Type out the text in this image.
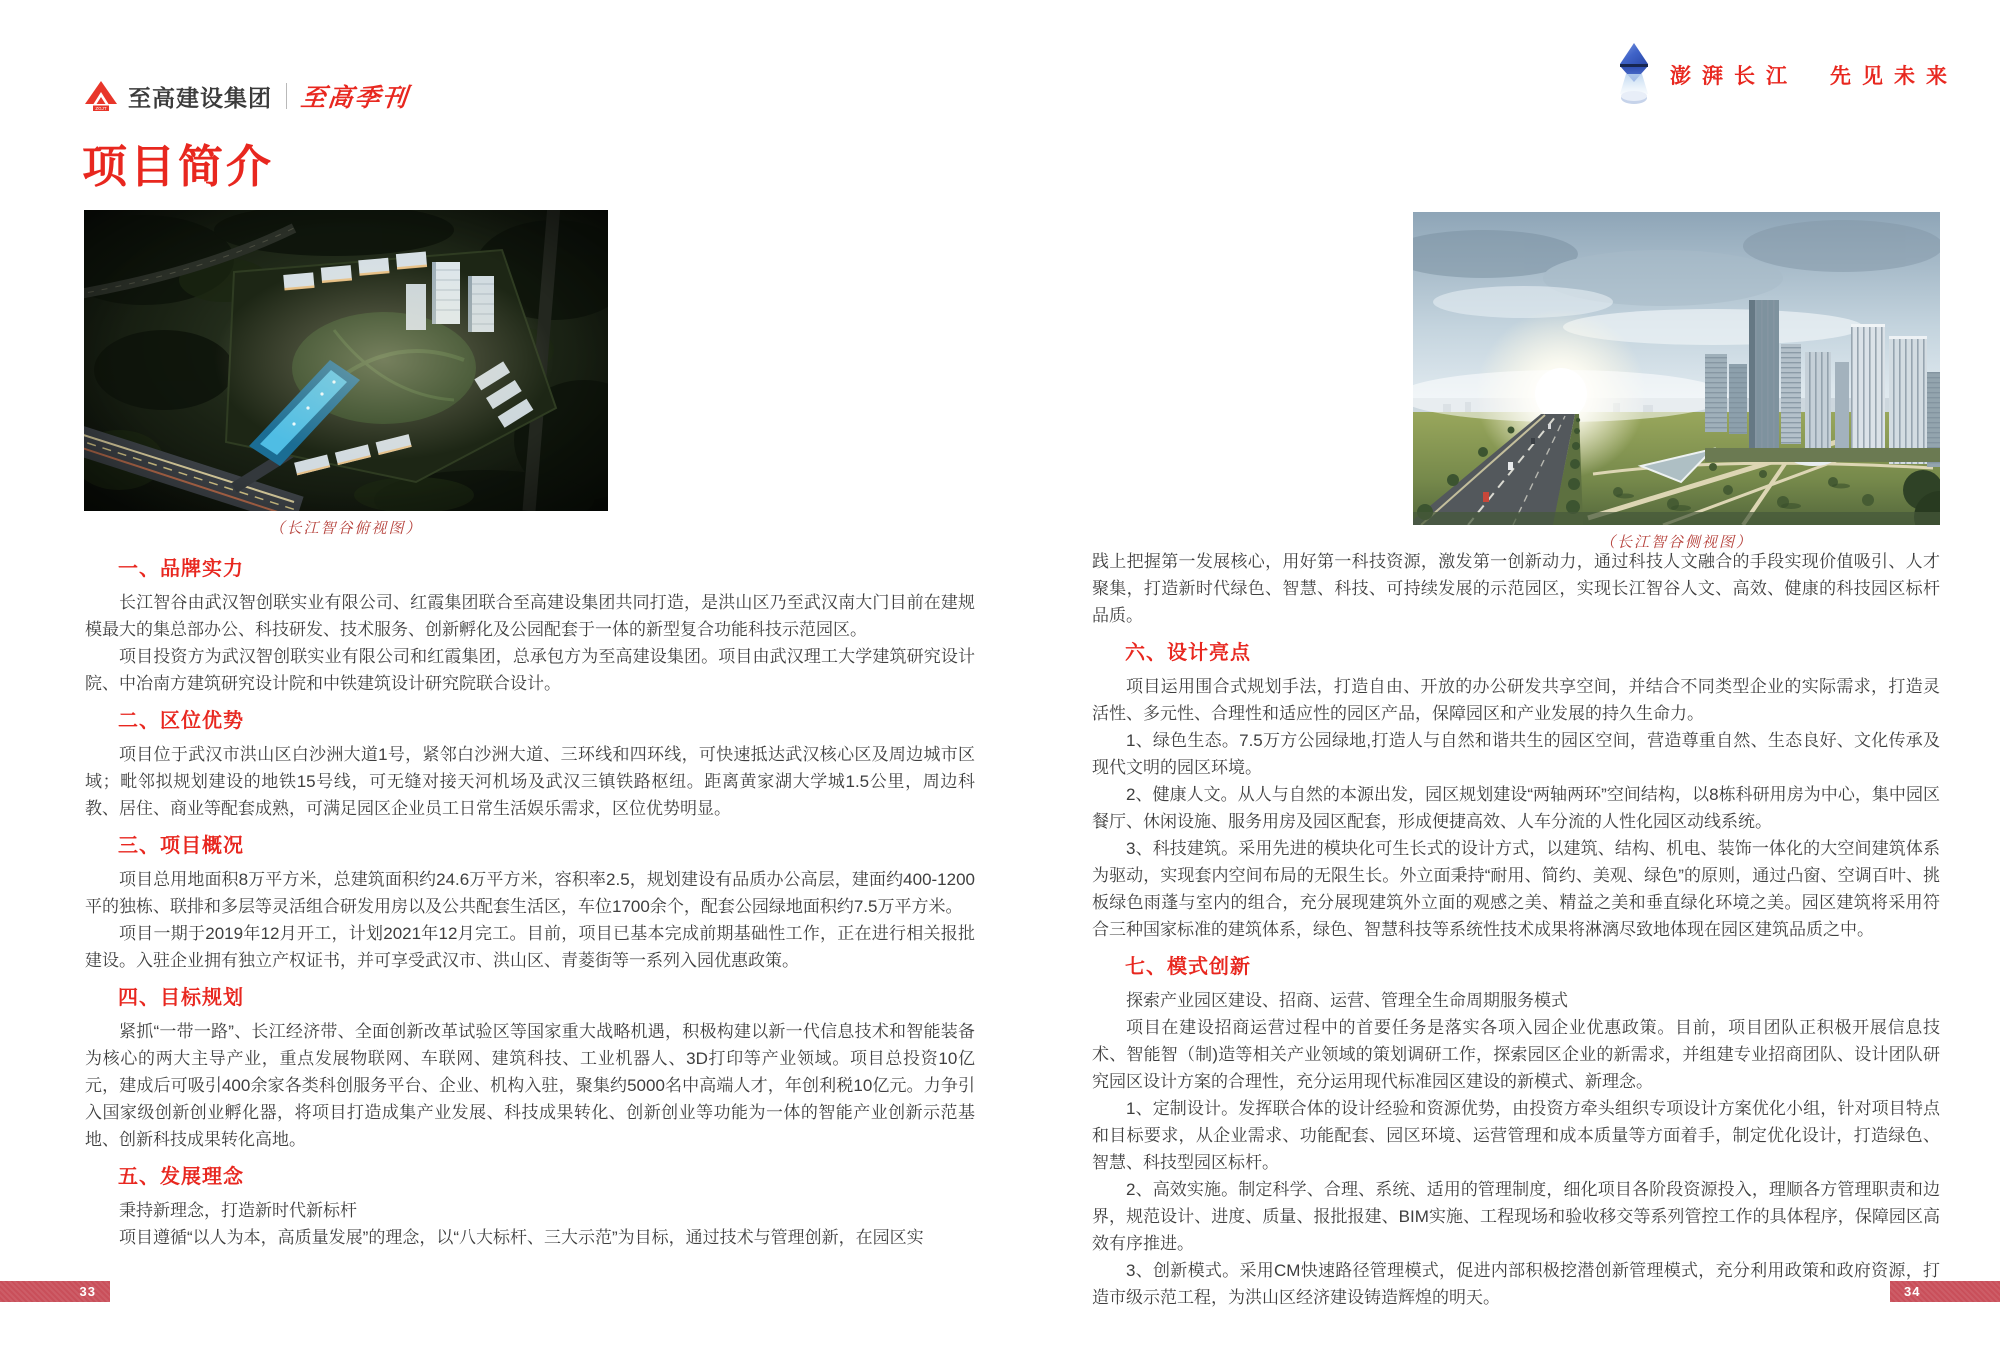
ZGJT 至高建设集团 至高季刊
项目简介
（长江智谷俯视图）
一、品牌实力

长江智谷由武汉智创联实业有限公司、红霞集团联合至高建设集团共同打造，是洪山区乃至武汉南大门目前在建规模最大的集总部办公、科技研发、技术服务、创新孵化及公园配套于一体的新型复合功能科技示范园区。

项目投资方为武汉智创联实业有限公司和红霞集团，总承包方为至高建设集团。项目由武汉理工大学建筑研究设计院、中冶南方建筑研究设计院和中铁建筑设计研究院联合设计。

二、区位优势

项目位于武汉市洪山区白沙洲大道1号，紧邻白沙洲大道、三环线和四环线，可快速抵达武汉核心区及周边城市区域；毗邻拟规划建设的地铁15号线，可无缝对接天河机场及武汉三镇铁路枢纽。距离黄家湖大学城1.5公里，周边科教、居住、商业等配套成熟，可满足园区企业员工日常生活娱乐需求，区位优势明显。

三、项目概况

项目总用地面积8万平方米，总建筑面积约24.6万平方米，容积率2.5，规划建设有品质办公高层，建面约400-1200平的独栋、联排和多层等灵活组合研发用房以及公共配套生活区，车位1700余个，配套公园绿地面积约7.5万平方米。

项目一期于2019年12月开工，计划2021年12月完工。目前，项目已基本完成前期基础性工作，正在进行相关报批建设。入驻企业拥有独立产权证书，并可享受武汉市、洪山区、青菱街等一系列入园优惠政策。

四、目标规划

紧抓“一带一路”、长江经济带、全面创新改革试验区等国家重大战略机遇，积极构建以新一代信息技术和智能装备为核心的两大主导产业，重点发展物联网、车联网、建筑科技、工业机器人、3D打印等产业领域。项目总投资10亿元，建成后可吸引400余家各类科创服务平台、企业、机构入驻，聚集约5000名中高端人才，年创利税10亿元。力争引入国家级创新创业孵化器，将项目打造成集产业发展、科技成果转化、创新创业等功能为一体的智能产业创新示范基地、创新科技成果转化高地。

五、发展理念

秉持新理念，打造新时代新标杆

项目遵循“以人为本，高质量发展”的理念，以“八大标杆、三大示范”为目标，通过技术与管理创新，在园区实

33
澎湃长江　先见未来
（长江智谷侧视图）

践上把握第一发展核心，用好第一科技资源，激发第一创新动力，通过科技人文融合的手段实现价值吸引、人才聚集，打造新时代绿色、智慧、科技、可持续发展的示范园区，实现长江智谷人文、高效、健康的科技园区标杆品质。

六、设计亮点

项目运用围合式规划手法，打造自由、开放的办公研发共享空间，并结合不同类型企业的实际需求，打造灵活性、多元性、合理性和适应性的园区产品，保障园区和产业发展的持久生命力。

1、绿色生态。7.5万方公园绿地,打造人与自然和谐共生的园区空间，营造尊重自然、生态良好、文化传承及现代文明的园区环境。

2、健康人文。从人与自然的本源出发，园区规划建设“两轴两环”空间结构，以8栋科研用房为中心，集中园区餐厅、休闲设施、服务用房及园区配套，形成便捷高效、人车分流的人性化园区动线系统。

3、科技建筑。采用先进的模块化可生长式的设计方式，以建筑、结构、机电、装饰一体化的大空间建筑体系为驱动，实现套内空间布局的无限生长。外立面秉持“耐用、简约、美观、绿色”的原则，通过凸窗、空调百叶、挑板绿色雨蓬与室内的组合，充分展现建筑外立面的观感之美、精益之美和垂直绿化环境之美。园区建筑将采用符合三种国家标准的建筑体系，绿色、智慧科技等系统性技术成果将淋漓尽致地体现在园区建筑品质之中。

七、模式创新

探索产业园区建设、招商、运营、管理全生命周期服务模式

项目在建设招商运营过程中的首要任务是落实各项入园企业优惠政策。目前，项目团队正积极开展信息技术、智能智（制)造等相关产业领域的策划调研工作，探索园区企业的新需求，并组建专业招商团队、设计团队研究园区设计方案的合理性，充分运用现代标准园区建设的新模式、新理念。

1、定制设计。发挥联合体的设计经验和资源优势，由投资方牵头组织专项设计方案优化小组，针对项目特点和目标要求，从企业需求、功能配套、园区环境、运营管理和成本质量等方面着手，制定优化设计，打造绿色、智慧、科技型园区标杆。

2、高效实施。制定科学、合理、系统、适用的管理制度，细化项目各阶段资源投入，理顺各方管理职责和边界，规范设计、进度、质量、报批报建、BIM实施、工程现场和验收移交等系列管控工作的具体程序，保障园区高效有序推进。

3、创新模式。采用CM快速路径管理模式，促进内部积极挖潜创新管理模式，充分利用政策和政府资源，打造市级示范工程，为洪山区经济建设铸造辉煌的明天。	34
